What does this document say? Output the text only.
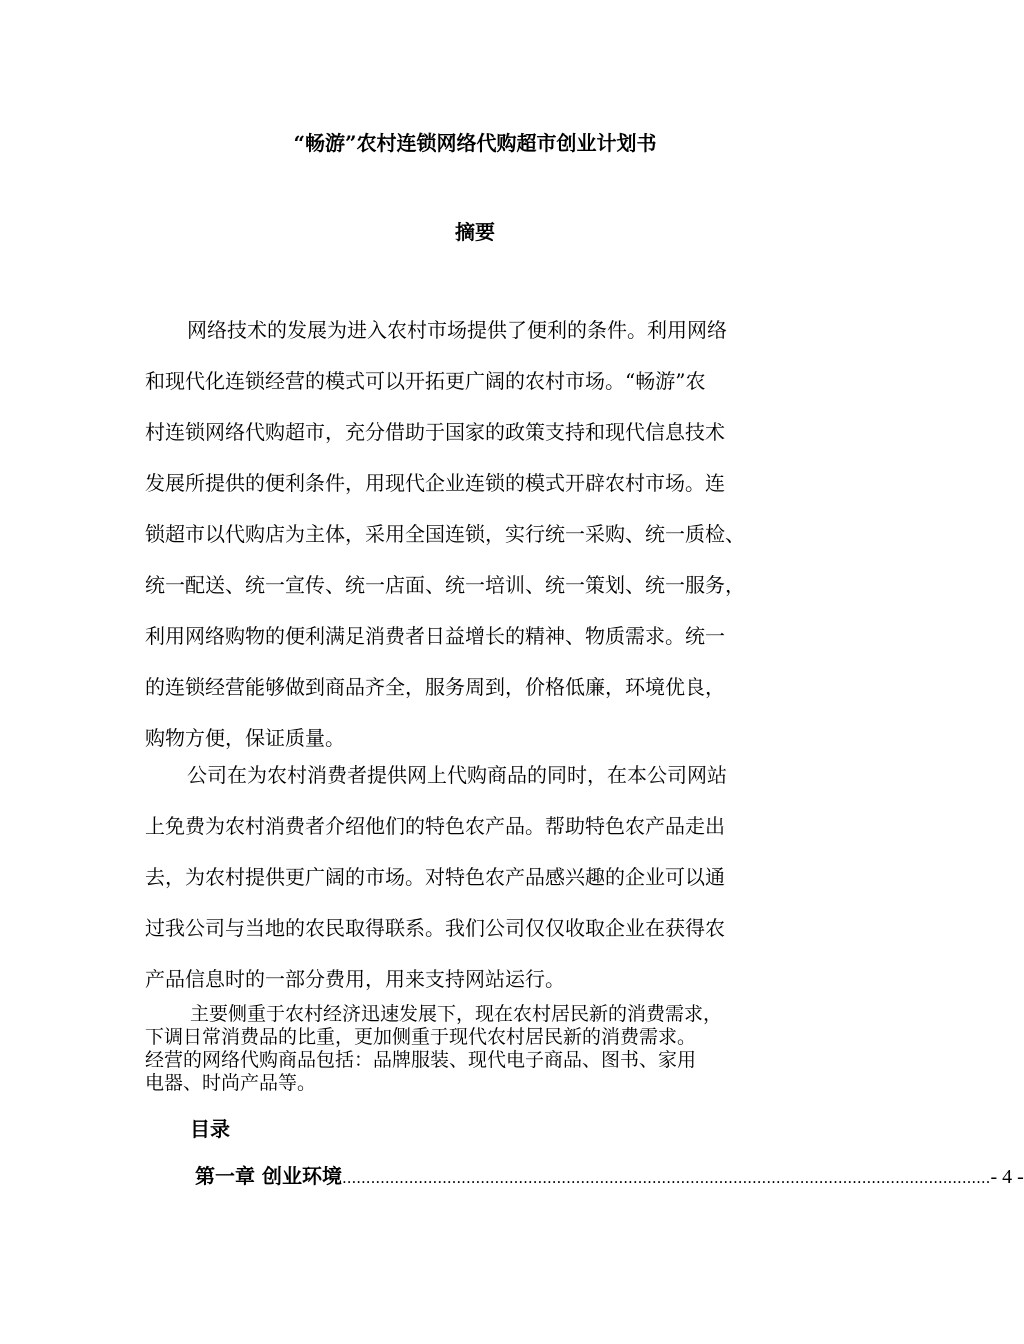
“畅游”农村连锁网络代购超市创业计划书
摘要
网络技术的发展为进入农村市场提供了便利的条件。利用网络
和现代化连锁经营的模式可以开拓更广阔的农村市场。“畅游”农
村连锁网络代购超市，充分借助于国家的政策支持和现代信息技术
发展所提供的便利条件，用现代企业连锁的模式开辟农村市场。连
锁超市以代购店为主体，采用全国连锁，实行统一采购、统一质检、
统一配送、统一宣传、统一店面、统一培训、统一策划、统一服务，
利用网络购物的便利满足消费者日益增长的精神、物质需求。统一
的连锁经营能够做到商品齐全，服务周到，价格低廉，环境优良，
购物方便，保证质量。
公司在为农村消费者提供网上代购商品的同时，在本公司网站
上免费为农村消费者介绍他们的特色农产品。帮助特色农产品走出
去，为农村提供更广阔的市场。对特色农产品感兴趣的企业可以通
过我公司与当地的农民取得联系。我们公司仅仅收取企业在获得农
产品信息时的一部分费用，用来支持网站运行。
主要侧重于农村经济迅速发展下，现在农村居民新的消费需求，
下调日常消费品的比重，更加侧重于现代农村居民新的消费需求。
经营的网络代购商品包括：品牌服装、现代电子商品、图书、家用
电器、时尚产品等。
目录
第一章 创业环境 ........................................................................................................................................ - 4 -
